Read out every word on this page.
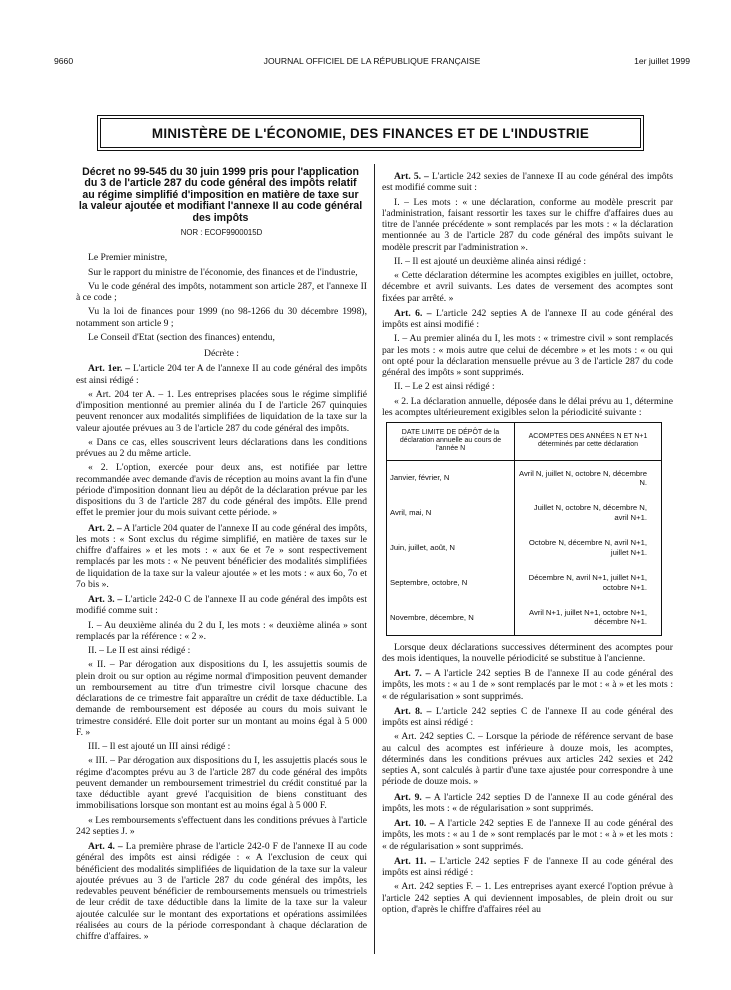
9660	JOURNAL OFFICIEL DE LA RÉPUBLIQUE FRANÇAISE	1er juillet 1999
MINISTÈRE DE L'ÉCONOMIE, DES FINANCES ET DE L'INDUSTRIE
Décret no 99-545 du 30 juin 1999 pris pour l'application du 3 de l'article 287 du code général des impôts relatif au régime simplifié d'imposition en matière de taxe sur la valeur ajoutée et modifiant l'annexe II au code général des impôts

NOR : ECOF9900015D

Le Premier ministre,

Sur le rapport du ministre de l'économie, des finances et de l'industrie,

Vu le code général des impôts, notamment son article 287, et l'annexe II à ce code ;

Vu la loi de finances pour 1999 (no 98-1266 du 30 décembre 1998), notamment son article 9 ;

Le Conseil d'Etat (section des finances) entendu,

Décrète :

Art. 1er. – L'article 204 ter A de l'annexe II au code général des impôts est ainsi rédigé :

« Art. 204 ter A. – 1. Les entreprises placées sous le régime simplifié d'imposition mentionné au premier alinéa du I de l'article 267 quinquies peuvent renoncer aux modalités simplifiées de liquidation de la taxe sur la valeur ajoutée prévues au 3 de l'article 287 du code général des impôts.

« Dans ce cas, elles souscrivent leurs déclarations dans les conditions prévues au 2 du même article.

« 2. L'option, exercée pour deux ans, est notifiée par lettre recommandée avec demande d'avis de réception au moins avant la fin d'une période d'imposition donnant lieu au dépôt de la déclaration prévue par les dispositions du 3 de l'article 287 du code général des impôts. Elle prend effet le premier jour du mois suivant cette période. »

Art. 2. – A l'article 204 quater de l'annexe II au code général des impôts, les mots : « Sont exclus du régime simplifié, en matière de taxes sur le chiffre d'affaires » et les mots : « aux 6e et 7e » sont respectivement remplacés par les mots : « Ne peuvent bénéficier des modalités simplifiées de liquidation de la taxe sur la valeur ajoutée » et les mots : « aux 6o, 7o et 7o bis ».

Art. 3. – L'article 242-0 C de l'annexe II au code général des impôts est modifié comme suit :

I. – Au deuxième alinéa du 2 du I, les mots : « deuxième alinéa » sont remplacés par la référence : « 2 ».

II. – Le II est ainsi rédigé :

« II. – Par dérogation aux dispositions du I, les assujettis soumis de plein droit ou sur option au régime normal d'imposition peuvent demander un remboursement au titre d'un trimestre civil lorsque chacune des déclarations de ce trimestre fait apparaître un crédit de taxe déductible. La demande de remboursement est déposée au cours du mois suivant le trimestre considéré. Elle doit porter sur un montant au moins égal à 5 000 F. »

III. – Il est ajouté un III ainsi rédigé :

« III. – Par dérogation aux dispositions du I, les assujettis placés sous le régime d'acomptes prévu au 3 de l'article 287 du code général des impôts peuvent demander un remboursement trimestriel du crédit constitué par la taxe déductible ayant grevé l'acquisition de biens constituant des immobilisations lorsque son montant est au moins égal à 5 000 F.

« Les remboursements s'effectuent dans les conditions prévues à l'article 242 septies J. »

Art. 4. – La première phrase de l'article 242-0 F de l'annexe II au code général des impôts est ainsi rédigée : « A l'exclusion de ceux qui bénéficient des modalités simplifiées de liquidation de la taxe sur la valeur ajoutée prévues au 3 de l'article 287 du code général des impôts, les redevables peuvent bénéficier de remboursements mensuels ou trimestriels de leur crédit de taxe déductible dans la limite de la taxe sur la valeur ajoutée calculée sur le montant des exportations et opérations assimilées réalisées au cours de la période correspondant à chaque déclaration de chiffre d'affaires. »

Art. 5. – L'article 242 sexies de l'annexe II au code général des impôts est modifié comme suit :

I. – Les mots : « une déclaration, conforme au modèle prescrit par l'administration, faisant ressortir les taxes sur le chiffre d'affaires dues au titre de l'année précédente » sont remplacés par les mots : « la déclaration mentionnée au 3 de l'article 287 du code général des impôts suivant le modèle prescrit par l'administration ».

II. – Il est ajouté un deuxième alinéa ainsi rédigé :

« Cette déclaration détermine les acomptes exigibles en juillet, octobre, décembre et avril suivants. Les dates de versement des acomptes sont fixées par arrêté. »

Art. 6. – L'article 242 septies A de l'annexe II au code général des impôts est ainsi modifié :

I. – Au premier alinéa du I, les mots : « trimestre civil » sont remplacés par les mots : « mois autre que celui de décembre » et les mots : « ou qui ont opté pour la déclaration mensuelle prévue au 3 de l'article 287 du code général des impôts » sont supprimés.

II. – Le 2 est ainsi rédigé :

« 2. La déclaration annuelle, déposée dans le délai prévu au 1, détermine les acomptes ultérieurement exigibles selon la périodicité suivante :

DATE LIMITE DE DÉPÔT de la déclaration annuelle au cours de l'année N	ACOMPTES DES ANNÉES N ET N+1 déterminés par cette déclaration
Janvier, février, N	Avril N, juillet N, octobre N, décembre N.
Avril, mai, N	Juillet N, octobre N, décembre N, avril N+1.
Juin, juillet, août, N	Octobre N, décembre N, avril N+1, juillet N+1.
Septembre, octobre, N	Décembre N, avril N+1, juillet N+1, octobre N+1.
Novembre, décembre, N	Avril N+1, juillet N+1, octobre N+1, décembre N+1.

Lorsque deux déclarations successives déterminent des acomptes pour des mois identiques, la nouvelle périodicité se substitue à l'ancienne.

Art. 7. – A l'article 242 septies B de l'annexe II au code général des impôts, les mots : « au 1 de » sont remplacés par le mot : « à » et les mots : « de régularisation » sont supprimés.

Art. 8. – L'article 242 septies C de l'annexe II au code général des impôts est ainsi rédigé :

« Art. 242 septies C. – Lorsque la période de référence servant de base au calcul des acomptes est inférieure à douze mois, les acomptes, déterminés dans les conditions prévues aux articles 242 sexies et 242 septies A, sont calculés à partir d'une taxe ajustée pour correspondre à une période de douze mois. »

Art. 9. – A l'article 242 septies D de l'annexe II au code général des impôts, les mots : « de régularisation » sont supprimés.

Art. 10. – A l'article 242 septies E de l'annexe II au code général des impôts, les mots : « au 1 de » sont remplacés par le mot : « à » et les mots : « de régularisation » sont supprimés.

Art. 11. – L'article 242 septies F de l'annexe II au code général des impôts est ainsi rédigé :

« Art. 242 septies F. – 1. Les entreprises ayant exercé l'option prévue à l'article 242 septies A qui deviennent imposables, de plein droit ou sur option, d'après le chiffre d'affaires réel au
